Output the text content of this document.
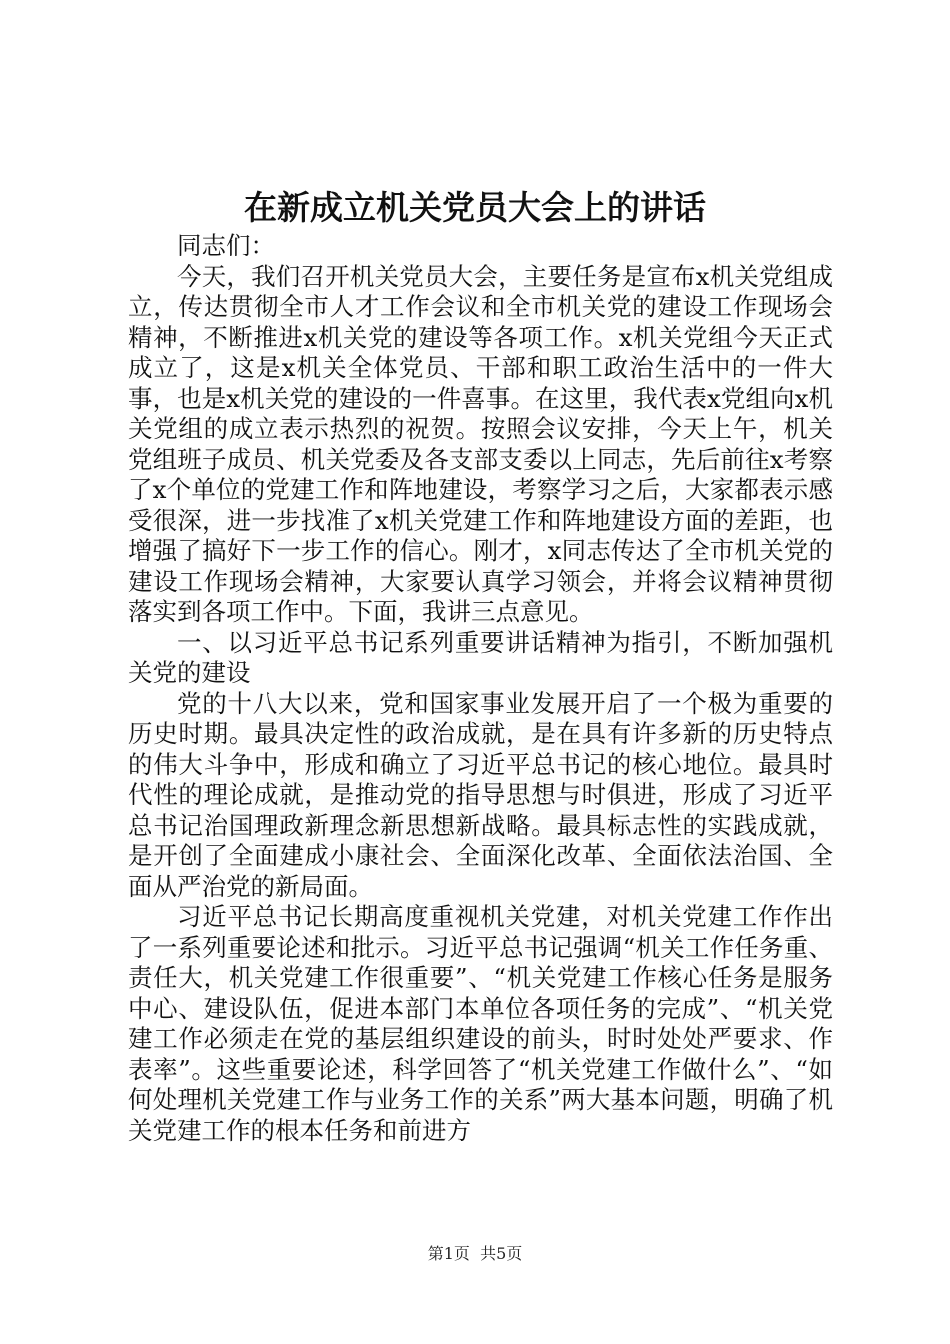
在新成立机关党员大会上的讲话

同志们：

今天，我们召开机关党员大会，主要任务是宣布x机关党组成立，传达贯彻全市人才工作会议和全市机关党的建设工作现场会精神，不断推进x机关党的建设等各项工作。x机关党组今天正式成立了，这是x机关全体党员、干部和职工政治生活中的一件大事，也是x机关党的建设的一件喜事。在这里，我代表x党组向x机关党组的成立表示热烈的祝贺。按照会议安排，今天上午，机关党组班子成员、机关党委及各支部支委以上同志，先后前往x考察了x个单位的党建工作和阵地建设，考察学习之后，大家都表示感受很深，进一步找准了x机关党建工作和阵地建设方面的差距，也增强了搞好下一步工作的信心。刚才，x同志传达了全市机关党的建设工作现场会精神，大家要认真学习领会，并将会议精神贯彻落实到各项工作中。下面，我讲三点意见。

一、以习近平总书记系列重要讲话精神为指引，不断加强机关党的建设

党的十八大以来，党和国家事业发展开启了一个极为重要的历史时期。最具决定性的政治成就，是在具有许多新的历史特点的伟大斗争中，形成和确立了习近平总书记的核心地位。最具时代性的理论成就，是推动党的指导思想与时俱进，形成了习近平总书记治国理政新理念新思想新战略。最具标志性的实践成就，是开创了全面建成小康社会、全面深化改革、全面依法治国、全面从严治党的新局面。

习近平总书记长期高度重视机关党建，对机关党建工作作出了一系列重要论述和批示。习近平总书记强调“机关工作任务重、责任大，机关党建工作很重要”、“机关党建工作核心任务是服务中心、建设队伍，促进本部门本单位各项任务的完成”、“机关党建工作必须走在党的基层组织建设的前头，时时处处严要求、作表率”。这些重要论述，科学回答了“机关党建工作做什么”、“如何处理机关党建工作与业务工作的关系”两大基本问题，明确了机关党建工作的根本任务和前进方

第1页 共5页
